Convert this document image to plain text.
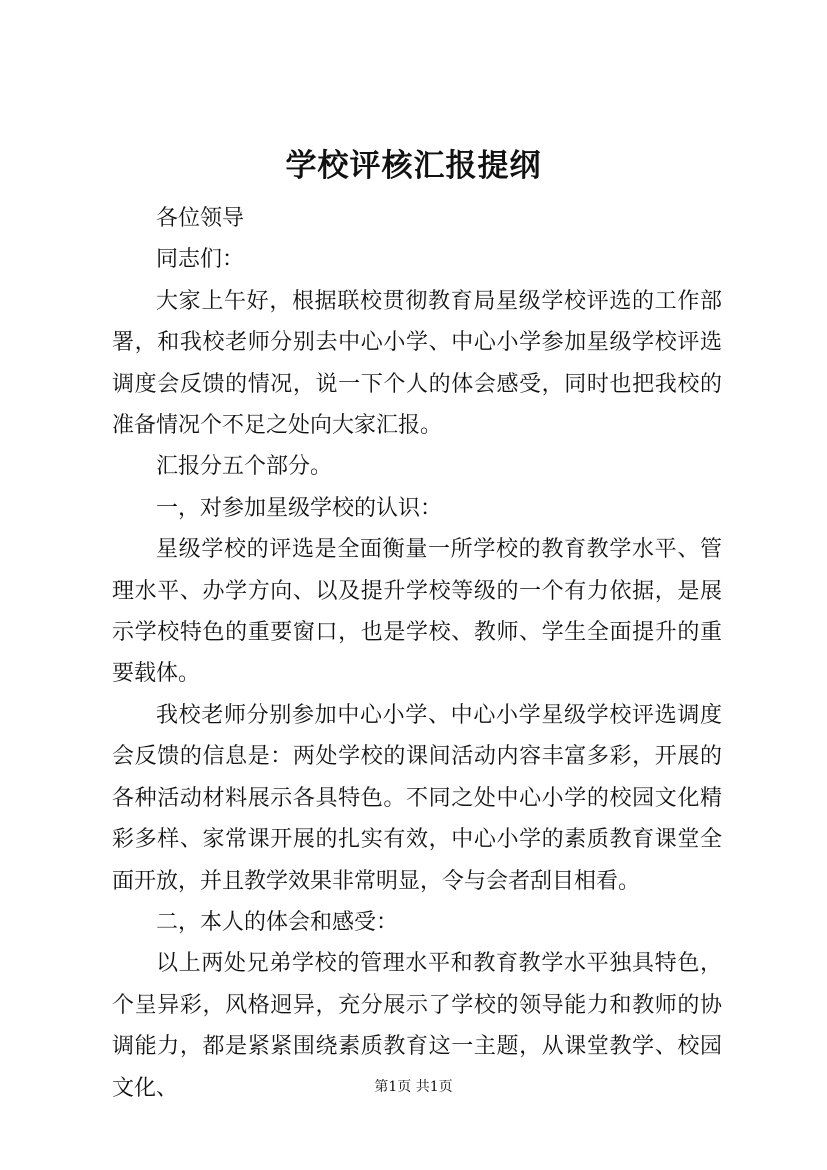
学校评核汇报提纲

各位领导

同志们：

大家上午好，根据联校贯彻教育局星级学校评选的工作部署，和我校老师分别去中心小学、中心小学参加星级学校评选调度会反馈的情况，说一下个人的体会感受，同时也把我校的准备情况个不足之处向大家汇报。

汇报分五个部分。

一，对参加星级学校的认识：

星级学校的评选是全面衡量一所学校的教育教学水平、管理水平、办学方向、以及提升学校等级的一个有力依据，是展示学校特色的重要窗口，也是学校、教师、学生全面提升的重要载体。

我校老师分别参加中心小学、中心小学星级学校评选调度会反馈的信息是：两处学校的课间活动内容丰富多彩，开展的各种活动材料展示各具特色。不同之处中心小学的校园文化精彩多样、家常课开展的扎实有效，中心小学的素质教育课堂全面开放，并且教学效果非常明显，令与会者刮目相看。

二，本人的体会和感受：

以上两处兄弟学校的管理水平和教育教学水平独具特色，个呈异彩，风格迥异，充分展示了学校的领导能力和教师的协调能力，都是紧紧围绕素质教育这一主题，从课堂教学、校园文化、	第1页 共1页
